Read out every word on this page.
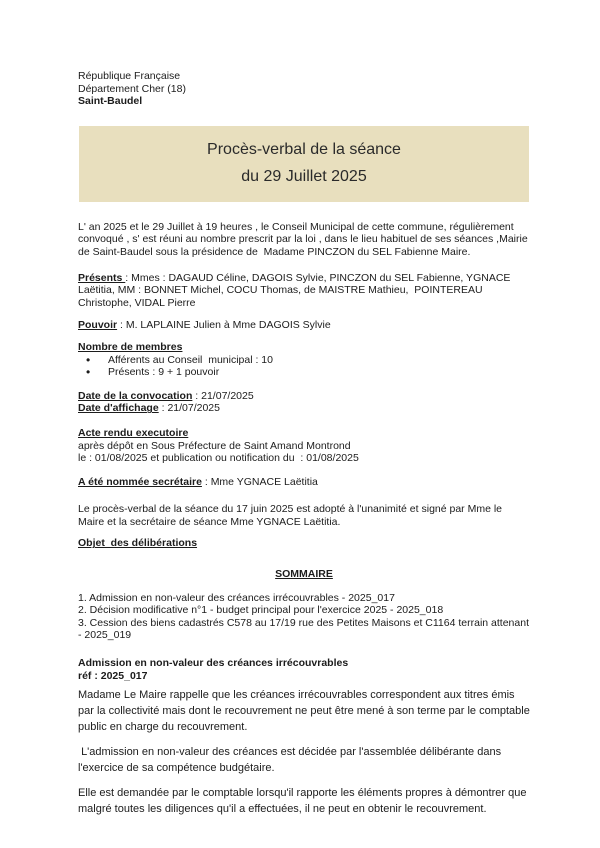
République Française
Département Cher (18)
Saint-Baudel
Procès-verbal de la séance
du 29 Juillet 2025

L' an 2025 et le 29 Juillet à 19 heures , le Conseil Municipal de cette commune, régulièrement convoqué , s' est réuni au nombre prescrit par la loi , dans le lieu habituel de ses séances ,Mairie de Saint-Baudel sous la présidence de  Madame PINCZON du SEL Fabienne Maire.

Présents : Mmes : DAGAUD Céline, DAGOIS Sylvie, PINCZON du SEL Fabienne, YGNACE Laëtitia, MM : BONNET Michel, COCU Thomas, de MAISTRE Mathieu,  POINTEREAU Christophe, VIDAL Pierre

Pouvoir : M. LAPLAINE Julien à Mme DAGOIS Sylvie

Nombre de membres
• Afférents au Conseil  municipal : 10
• Présents : 9 + 1 pouvoir

Date de la convocation : 21/07/2025

Date d'affichage : 21/07/2025

Acte rendu executoire
après dépôt en Sous Préfecture de Saint Amand Montrond
le : 01/08/2025 et publication ou notification du  : 01/08/2025

A été nommée secrétaire : Mme YGNACE Laëtitia

Le procès-verbal de la séance du 17 juin 2025 est adopté à l'unanimité et signé par Mme le Maire et la secrétaire de séance Mme YGNACE Laëtitia.

Objet  des délibérations

SOMMAIRE
1. Admission en non-valeur des créances irrécouvrables - 2025_017
2. Décision modificative n°1 - budget principal pour l'exercice 2025 - 2025_018
3. Cession des biens cadastrés C578 au 17/19 rue des Petites Maisons et C1164 terrain attenant - 2025_019
Admission en non-valeur des créances irrécouvrables
réf : 2025_017

Madame Le Maire rappelle que les créances irrécouvrables correspondent aux titres émis par la collectivité mais dont le recouvrement ne peut être mené à son terme par le comptable public en charge du recouvrement.

L'admission en non-valeur des créances est décidée par l'assemblée délibérante dans l'exercice de sa compétence budgétaire.

Elle est demandée par le comptable lorsqu'il rapporte les éléments propres à démontrer que malgré toutes les diligences qu'il a effectuées, il ne peut en obtenir le recouvrement.
